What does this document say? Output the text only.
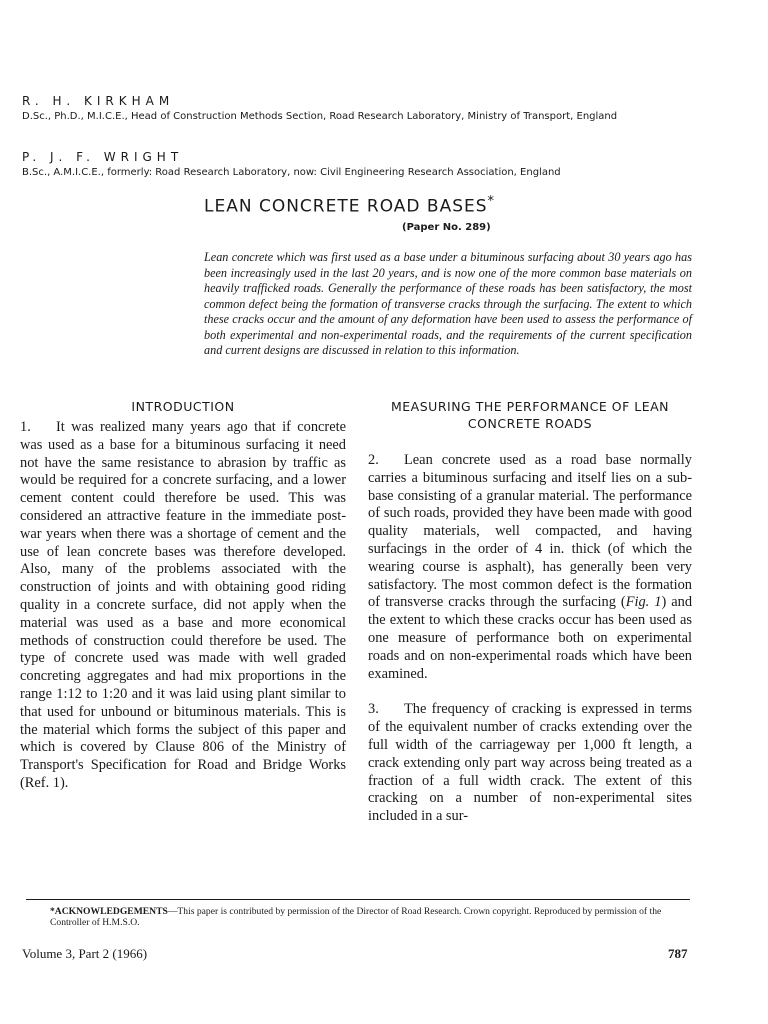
R. H. KIRKHAM
D.Sc., Ph.D., M.I.C.E., Head of Construction Methods Section, Road Research Laboratory, Ministry of Transport, England
P. J. F. WRIGHT
B.Sc., A.M.I.C.E., formerly: Road Research Laboratory, now: Civil Engineering Research Association, England
LEAN CONCRETE ROAD BASES*
(Paper No. 289)
Lean concrete which was first used as a base under a bituminous surfacing about 30 years ago has been increasingly used in the last 20 years, and is now one of the more common base materials on heavily trafficked roads. Generally the performance of these roads has been satisfactory, the most common defect being the formation of transverse cracks through the surfacing. The extent to which these cracks occur and the amount of any deformation have been used to assess the performance of both experimental and non-experimental roads, and the requirements of the current specification and current designs are discussed in relation to this information.

INTRODUCTION

1. It was realized many years ago that if concrete was used as a base for a bituminous surfacing it need not have the same resistance to abrasion by traffic as would be required for a concrete surfacing, and a lower cement content could therefore be used. This was considered an attractive feature in the immediate post-war years when there was a shortage of cement and the use of lean concrete bases was therefore developed. Also, many of the problems associated with the construction of joints and with obtaining good riding quality in a concrete surface, did not apply when the material was used as a base and more economical methods of construction could therefore be used. The type of concrete used was made with well graded concreting aggregates and had mix proportions in the range 1:12 to 1:20 and it was laid using plant similar to that used for unbound or bituminous materials. This is the material which forms the subject of this paper and which is covered by Clause 806 of the Ministry of Transport's Specification for Road and Bridge Works (Ref. 1).

MEASURING THE PERFORMANCE OF LEAN
CONCRETE ROADS

2. Lean concrete used as a road base normally carries a bituminous surfacing and itself lies on a sub-base consisting of a granular material. The performance of such roads, provided they have been made with good quality materials, well compacted, and having surfacings in the order of 4 in. thick (of which the wearing course is asphalt), has generally been very satisfactory. The most common defect is the formation of transverse cracks through the surfacing (Fig. 1) and the extent to which these cracks occur has been used as one measure of performance both on experimental roads and on non-experimental roads which have been examined.

3. The frequency of cracking is expressed in terms of the equivalent number of cracks extending over the full width of the carriageway per 1,000 ft length, a crack extending only part way across being treated as a fraction of a full width crack. The extent of this cracking on a number of non-experimental sites included in a sur-

*ACKNOWLEDGEMENTS—This paper is contributed by permission of the Director of Road Research. Crown copyright. Reproduced by permission of the Controller of H.M.S.O.
Volume 3, Part 2 (1966)	787
